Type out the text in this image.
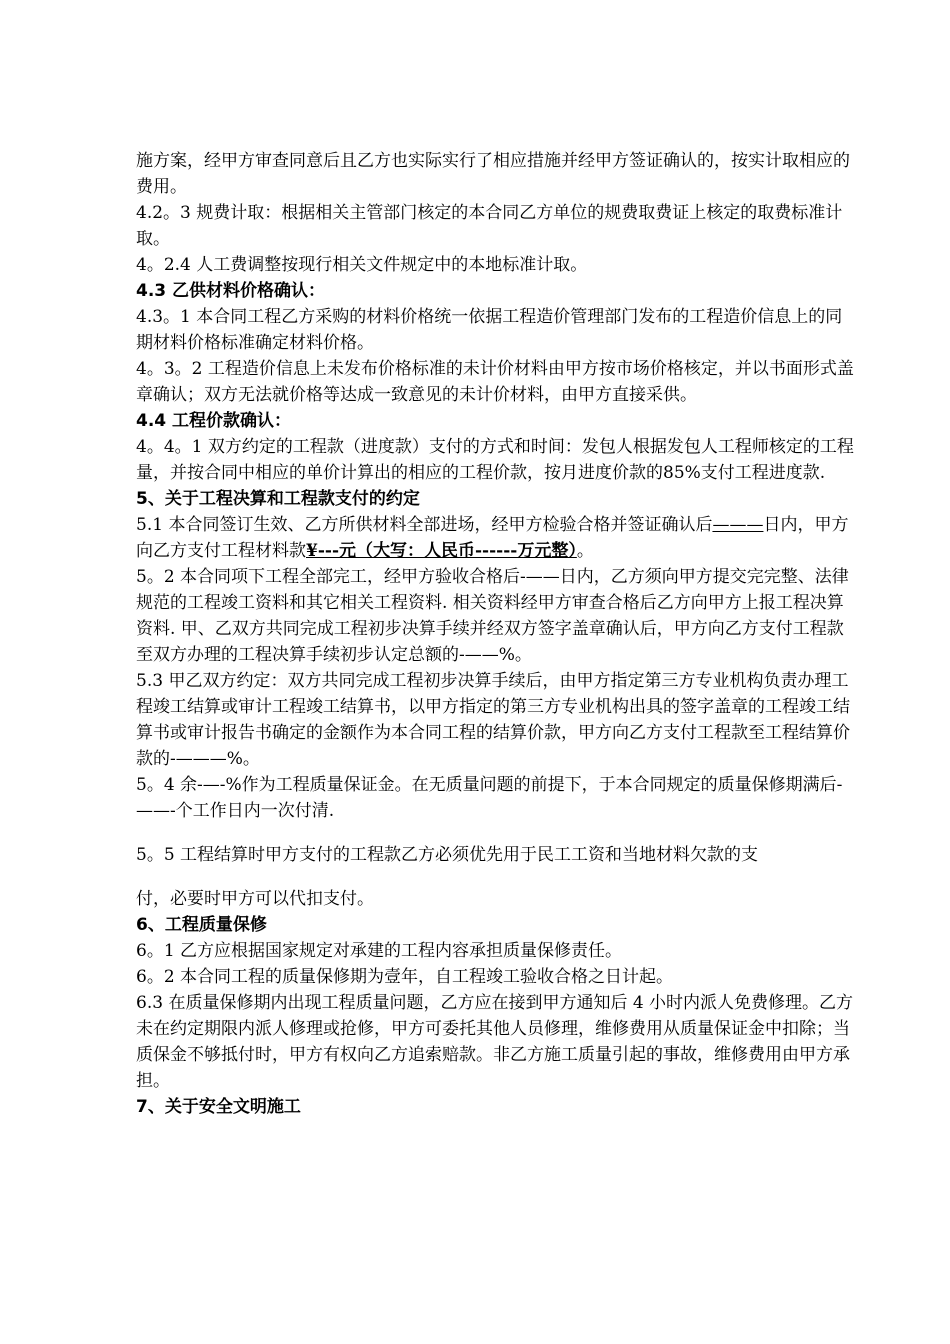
施方案，经甲方审查同意后且乙方也实际实行了相应措施并经甲方签证确认的，按实计取相应的费用。

4.2。3 规费计取：根据相关主管部门核定的本合同乙方单位的规费取费证上核定的取费标准计取。

4。2.4 人工费调整按现行相关文件规定中的本地标准计取。

4.3 乙供材料价格确认：

4.3。1 本合同工程乙方采购的材料价格统一依据工程造价管理部门发布的工程造价信息上的同期材料价格标准确定材料价格。

4。3。2 工程造价信息上未发布价格标准的未计价材料由甲方按市场价格核定，并以书面形式盖章确认；双方无法就价格等达成一致意见的未计价材料，由甲方直接采供。

4.4 工程价款确认：

4。4。1 双方约定的工程款（进度款）支付的方式和时间：发包人根据发包人工程师核定的工程量，并按合同中相应的单价计算出的相应的工程价款，按月进度价款的85%支付工程进度款.

5、关于工程决算和工程款支付的约定

5.1 本合同签订生效、乙方所供材料全部进场，经甲方检验合格并签证确认后———日内，甲方向乙方支付工程材料款¥---元（大写：人民币------万元整）。

5。2 本合同项下工程全部完工，经甲方验收合格后-——日内，乙方须向甲方提交完完整、法律规范的工程竣工资料和其它相关工程资料. 相关资料经甲方审查合格后乙方向甲方上报工程决算资料. 甲、乙双方共同完成工程初步决算手续并经双方签字盖章确认后，甲方向乙方支付工程款至双方办理的工程决算手续初步认定总额的-——%。

5.3 甲乙双方约定：双方共同完成工程初步决算手续后，由甲方指定第三方专业机构负责办理工程竣工结算或审计工程竣工结算书，以甲方指定的第三方专业机构出具的签字盖章的工程竣工结算书或审计报告书确定的金额作为本合同工程的结算价款，甲方向乙方支付工程款至工程结算价款的-———%。

5。4 余-—-%作为工程质量保证金。在无质量问题的前提下，于本合同规定的质量保修期满后-——-个工作日内一次付清.

5。5 工程结算时甲方支付的工程款乙方必须优先用于民工工资和当地材料欠款的支

付，必要时甲方可以代扣支付。

6、工程质量保修

6。1 乙方应根据国家规定对承建的工程内容承担质量保修责任。

6。2 本合同工程的质量保修期为壹年，自工程竣工验收合格之日计起。

6.3 在质量保修期内出现工程质量问题，乙方应在接到甲方通知后 4 小时内派人免费修理。乙方未在约定期限内派人修理或抢修，甲方可委托其他人员修理，维修费用从质量保证金中扣除；当质保金不够抵付时，甲方有权向乙方追索赔款。非乙方施工质量引起的事故，维修费用由甲方承担。

7、关于安全文明施工
